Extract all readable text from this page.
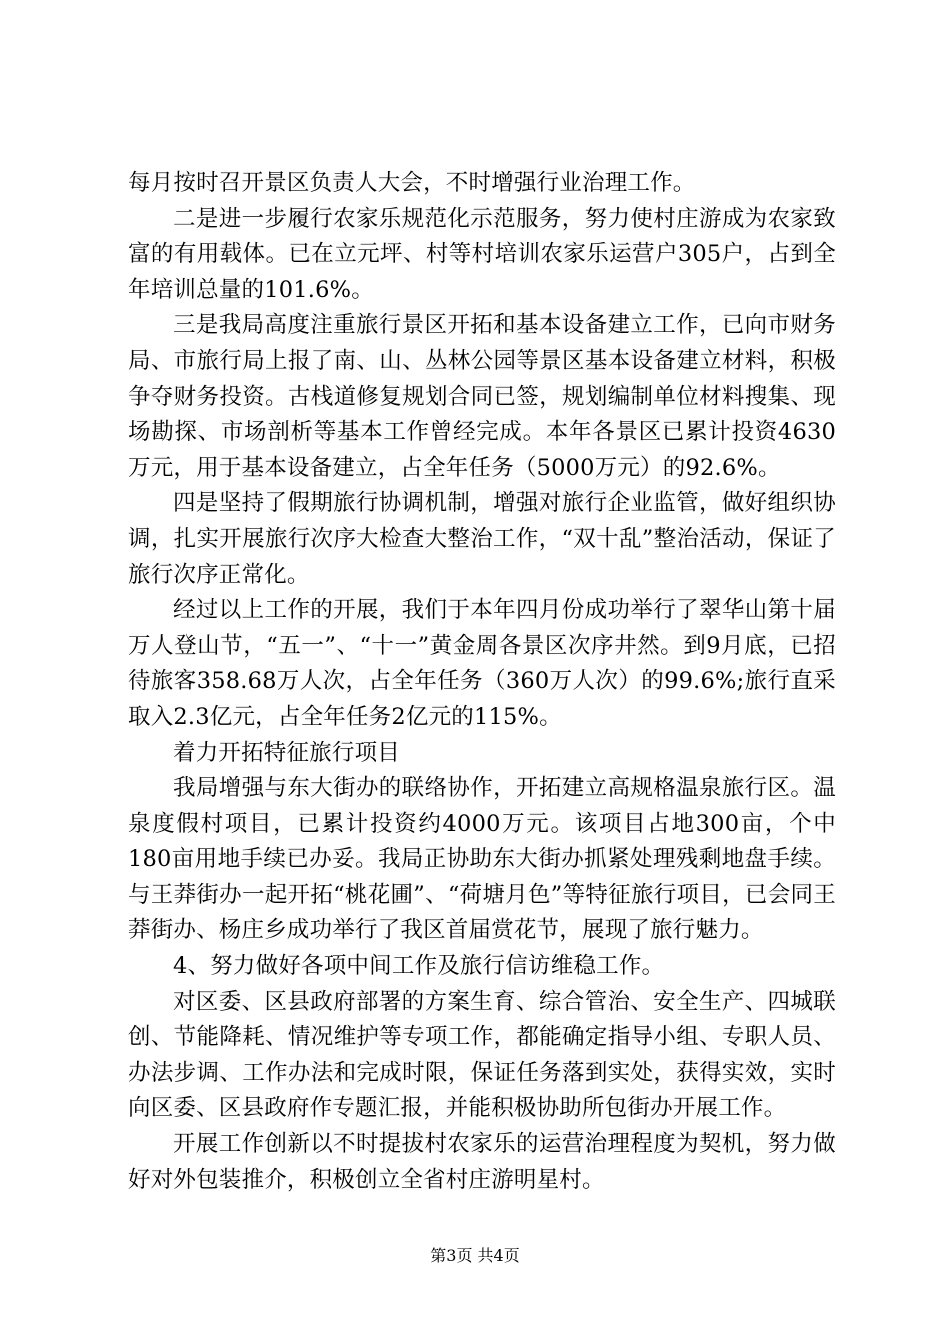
每月按时召开景区负责人大会，不时增强行业治理工作。

二是进一步履行农家乐规范化示范服务，努力使村庄游成为农家致富的有用载体。已在立元坪、村等村培训农家乐运营户305户，占到全年培训总量的101.6%。

三是我局高度注重旅行景区开拓和基本设备建立工作，已向市财务局、市旅行局上报了南、山、丛林公园等景区基本设备建立材料，积极争夺财务投资。古栈道修复规划合同已签，规划编制单位材料搜集、现场勘探、市场剖析等基本工作曾经完成。本年各景区已累计投资4630万元，用于基本设备建立，占全年任务（5000万元）的92.6%。

四是坚持了假期旅行协调机制，增强对旅行企业监管，做好组织协调，扎实开展旅行次序大检查大整治工作，“双十乱”整治活动，保证了旅行次序正常化。

经过以上工作的开展，我们于本年四月份成功举行了翠华山第十届万人登山节，“五一”、“十一”黄金周各景区次序井然。到9月底，已招待旅客358.68万人次，占全年任务（360万人次）的99.6%;旅行直采取入2.3亿元，占全年任务2亿元的115%。

着力开拓特征旅行项目

我局增强与东大街办的联络协作，开拓建立高规格温泉旅行区。温泉度假村项目，已累计投资约4000万元。该项目占地300亩，个中180亩用地手续已办妥。我局正协助东大街办抓紧处理残剩地盘手续。与王莽街办一起开拓“桃花圃”、“荷塘月色”等特征旅行项目，已会同王莽街办、杨庄乡成功举行了我区首届赏花节，展现了旅行魅力。

4、努力做好各项中间工作及旅行信访维稳工作。

对区委、区县政府部署的方案生育、综合管治、安全生产、四城联创、节能降耗、情况维护等专项工作，都能确定指导小组、专职人员、办法步调、工作办法和完成时限，保证任务落到实处，获得实效，实时向区委、区县政府作专题汇报，并能积极协助所包街办开展工作。

开展工作创新以不时提拔村农家乐的运营治理程度为契机，努力做好对外包装推介，积极创立全省村庄游明星村。

第3页 共4页
